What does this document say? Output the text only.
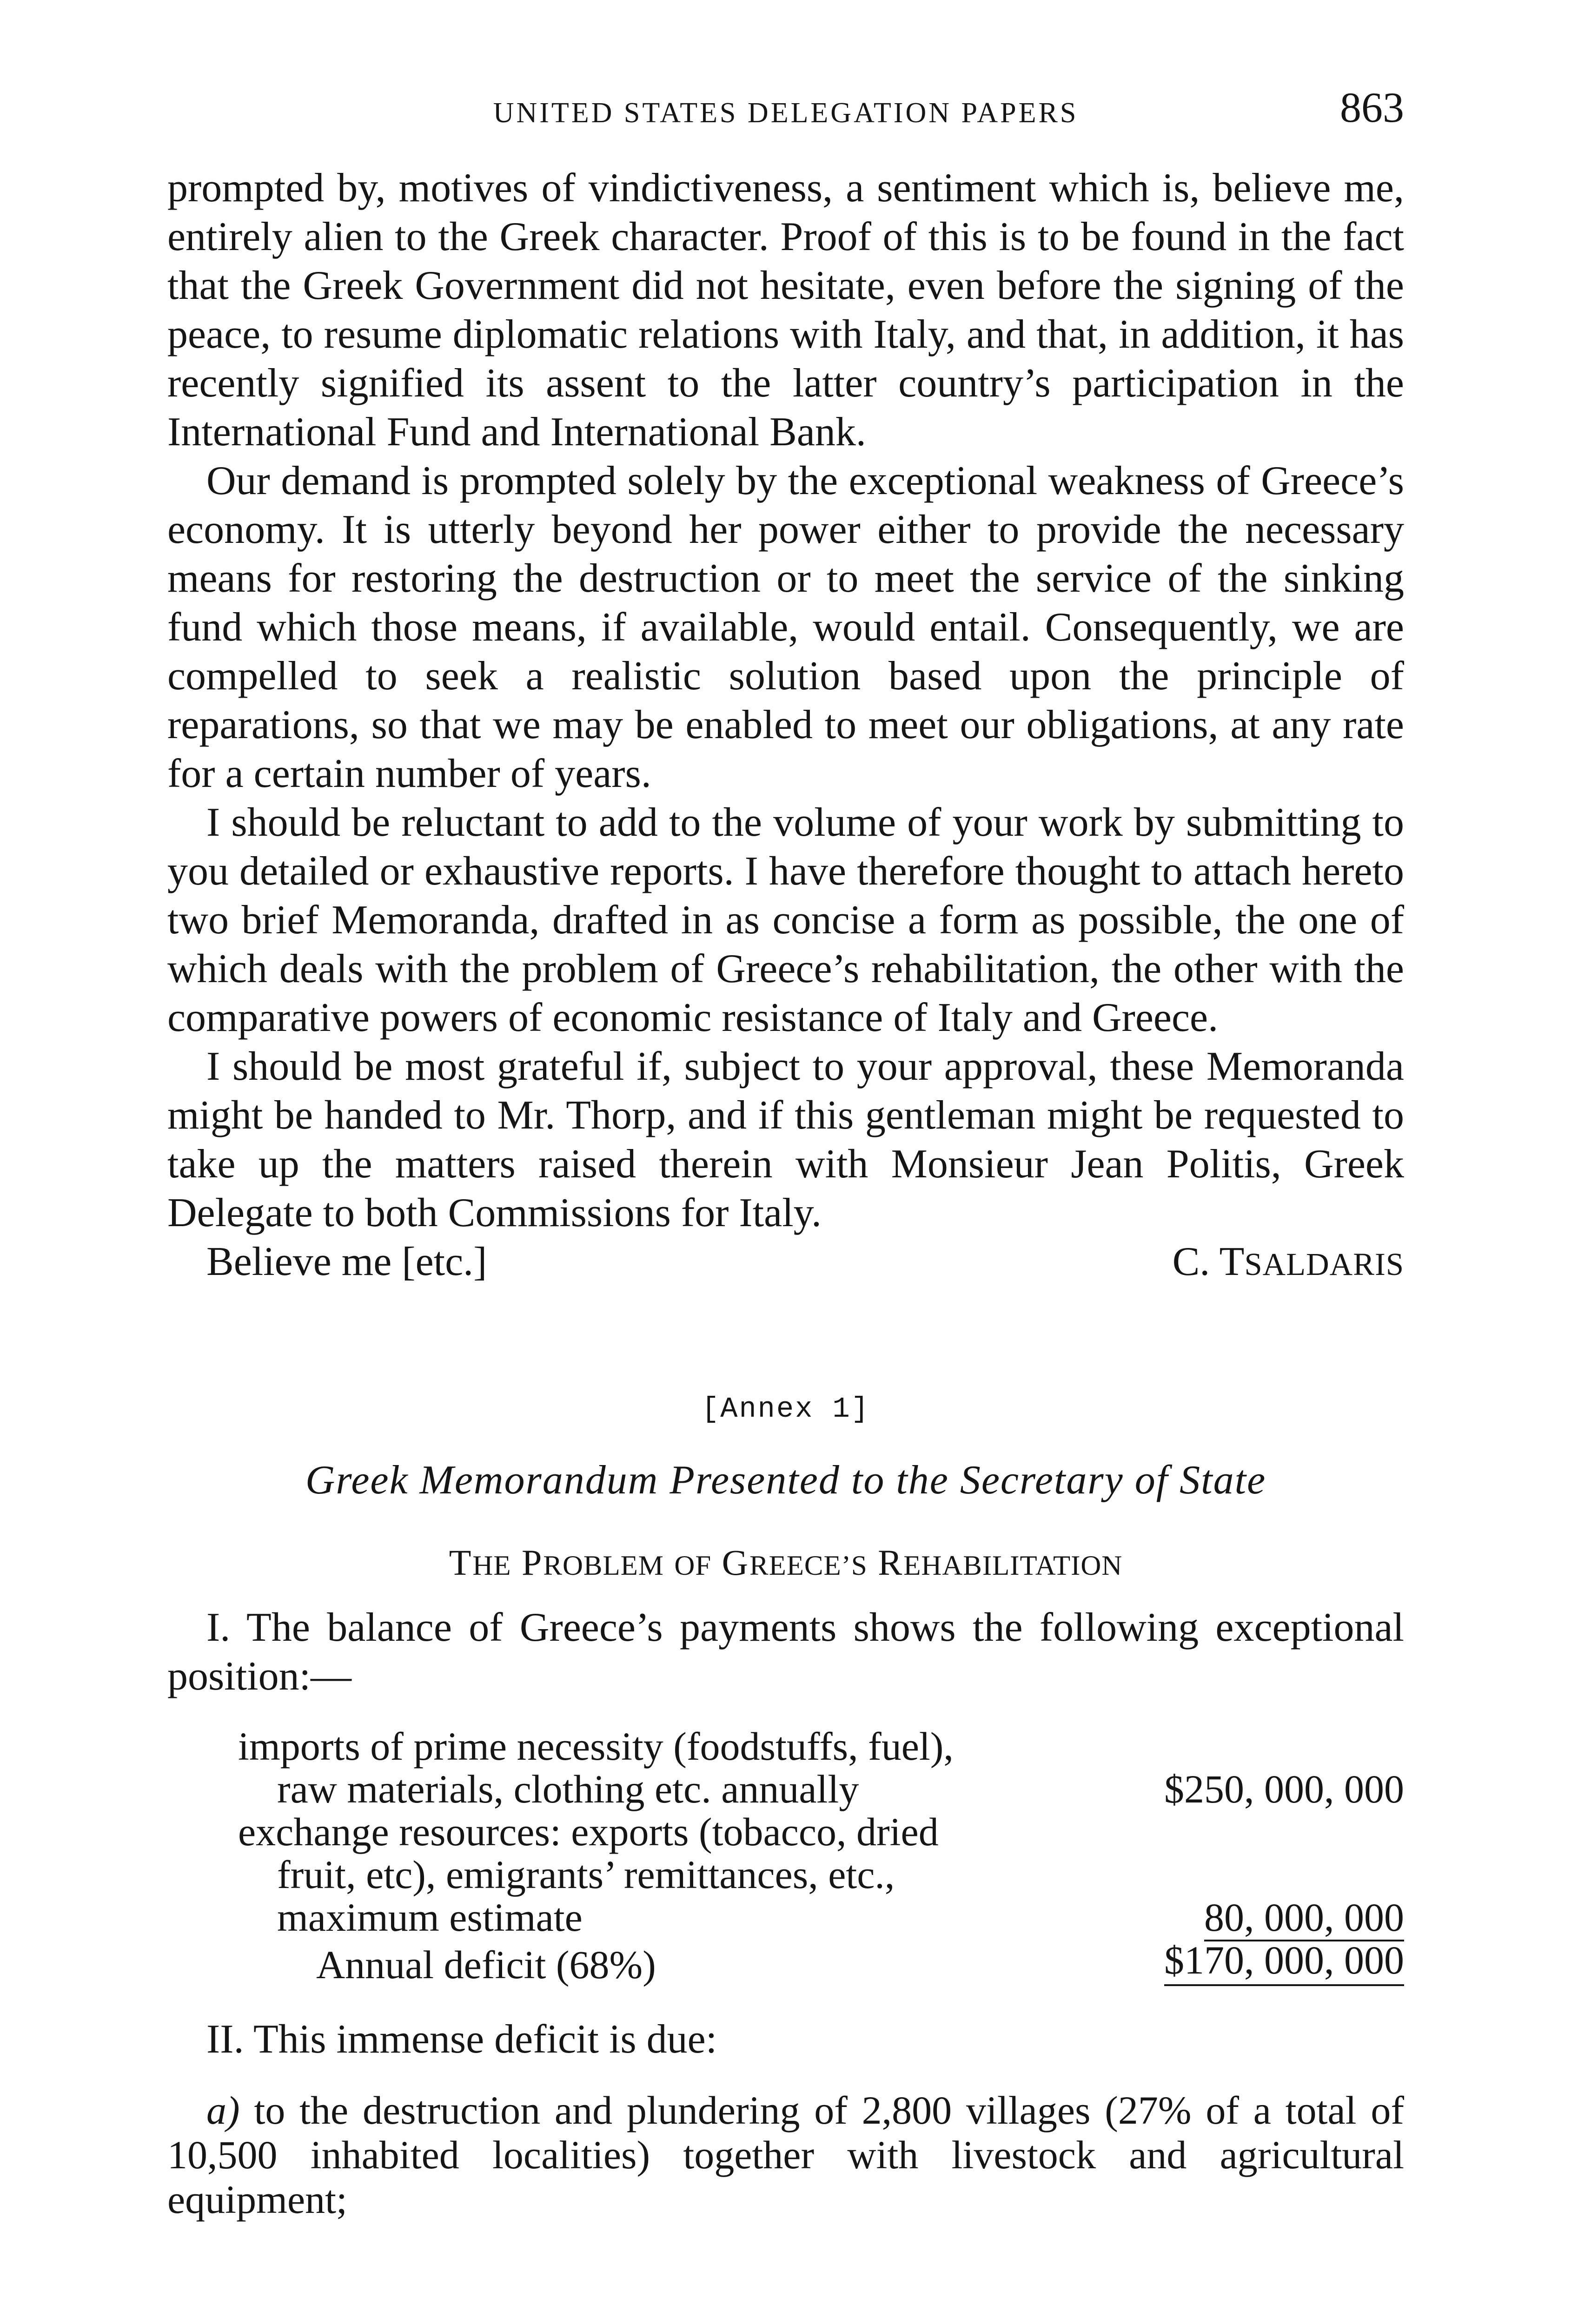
UNITED STATES DELEGATION PAPERS	863

prompted by, motives of vindictiveness, a sentiment which is, believe me, entirely alien to the Greek character. Proof of this is to be found in the fact that the Greek Government did not hesitate, even before the signing of the peace, to resume diplomatic relations with Italy, and that, in addition, it has recently signified its assent to the latter country’s participation in the International Fund and International Bank.

Our demand is prompted solely by the exceptional weakness of Greece’s economy. It is utterly beyond her power either to provide the necessary means for restoring the destruction or to meet the service of the sinking fund which those means, if available, would entail. Consequently, we are compelled to seek a realistic solution based upon the principle of reparations, so that we may be enabled to meet our obligations, at any rate for a certain number of years.

I should be reluctant to add to the volume of your work by submitting to you detailed or exhaustive reports. I have therefore thought to attach hereto two brief Memoranda, drafted in as concise a form as possible, the one of which deals with the problem of Greece’s rehabilitation, the other with the comparative powers of economic resistance of Italy and Greece.

I should be most grateful if, subject to your approval, these Memoranda might be handed to Mr. Thorp, and if this gentleman might be requested to take up the matters raised therein with Monsieur Jean Politis, Greek Delegate to both Commissions for Italy.

Believe me [etc.]	C. TSALDARIS
[Annex 1]
Greek Memorandum Presented to the Secretary of State
THE PROBLEM OF GREECE’S REHABILITATION

I. The balance of Greece’s payments shows the following exceptional position:—

imports of prime necessity (foodstuffs, fuel),
raw materials, clothing etc. annually	$250, 000, 000
exchange resources: exports (tobacco, dried
fruit, etc), emigrants’ remittances, etc.,
maximum estimate	80, 000, 000
Annual deficit (68%)	$170, 000, 000

II. This immense deficit is due:

a) to the destruction and plundering of 2,800 villages (27% of a total of 10,500 inhabited localities) together with livestock and agricultural equipment;
